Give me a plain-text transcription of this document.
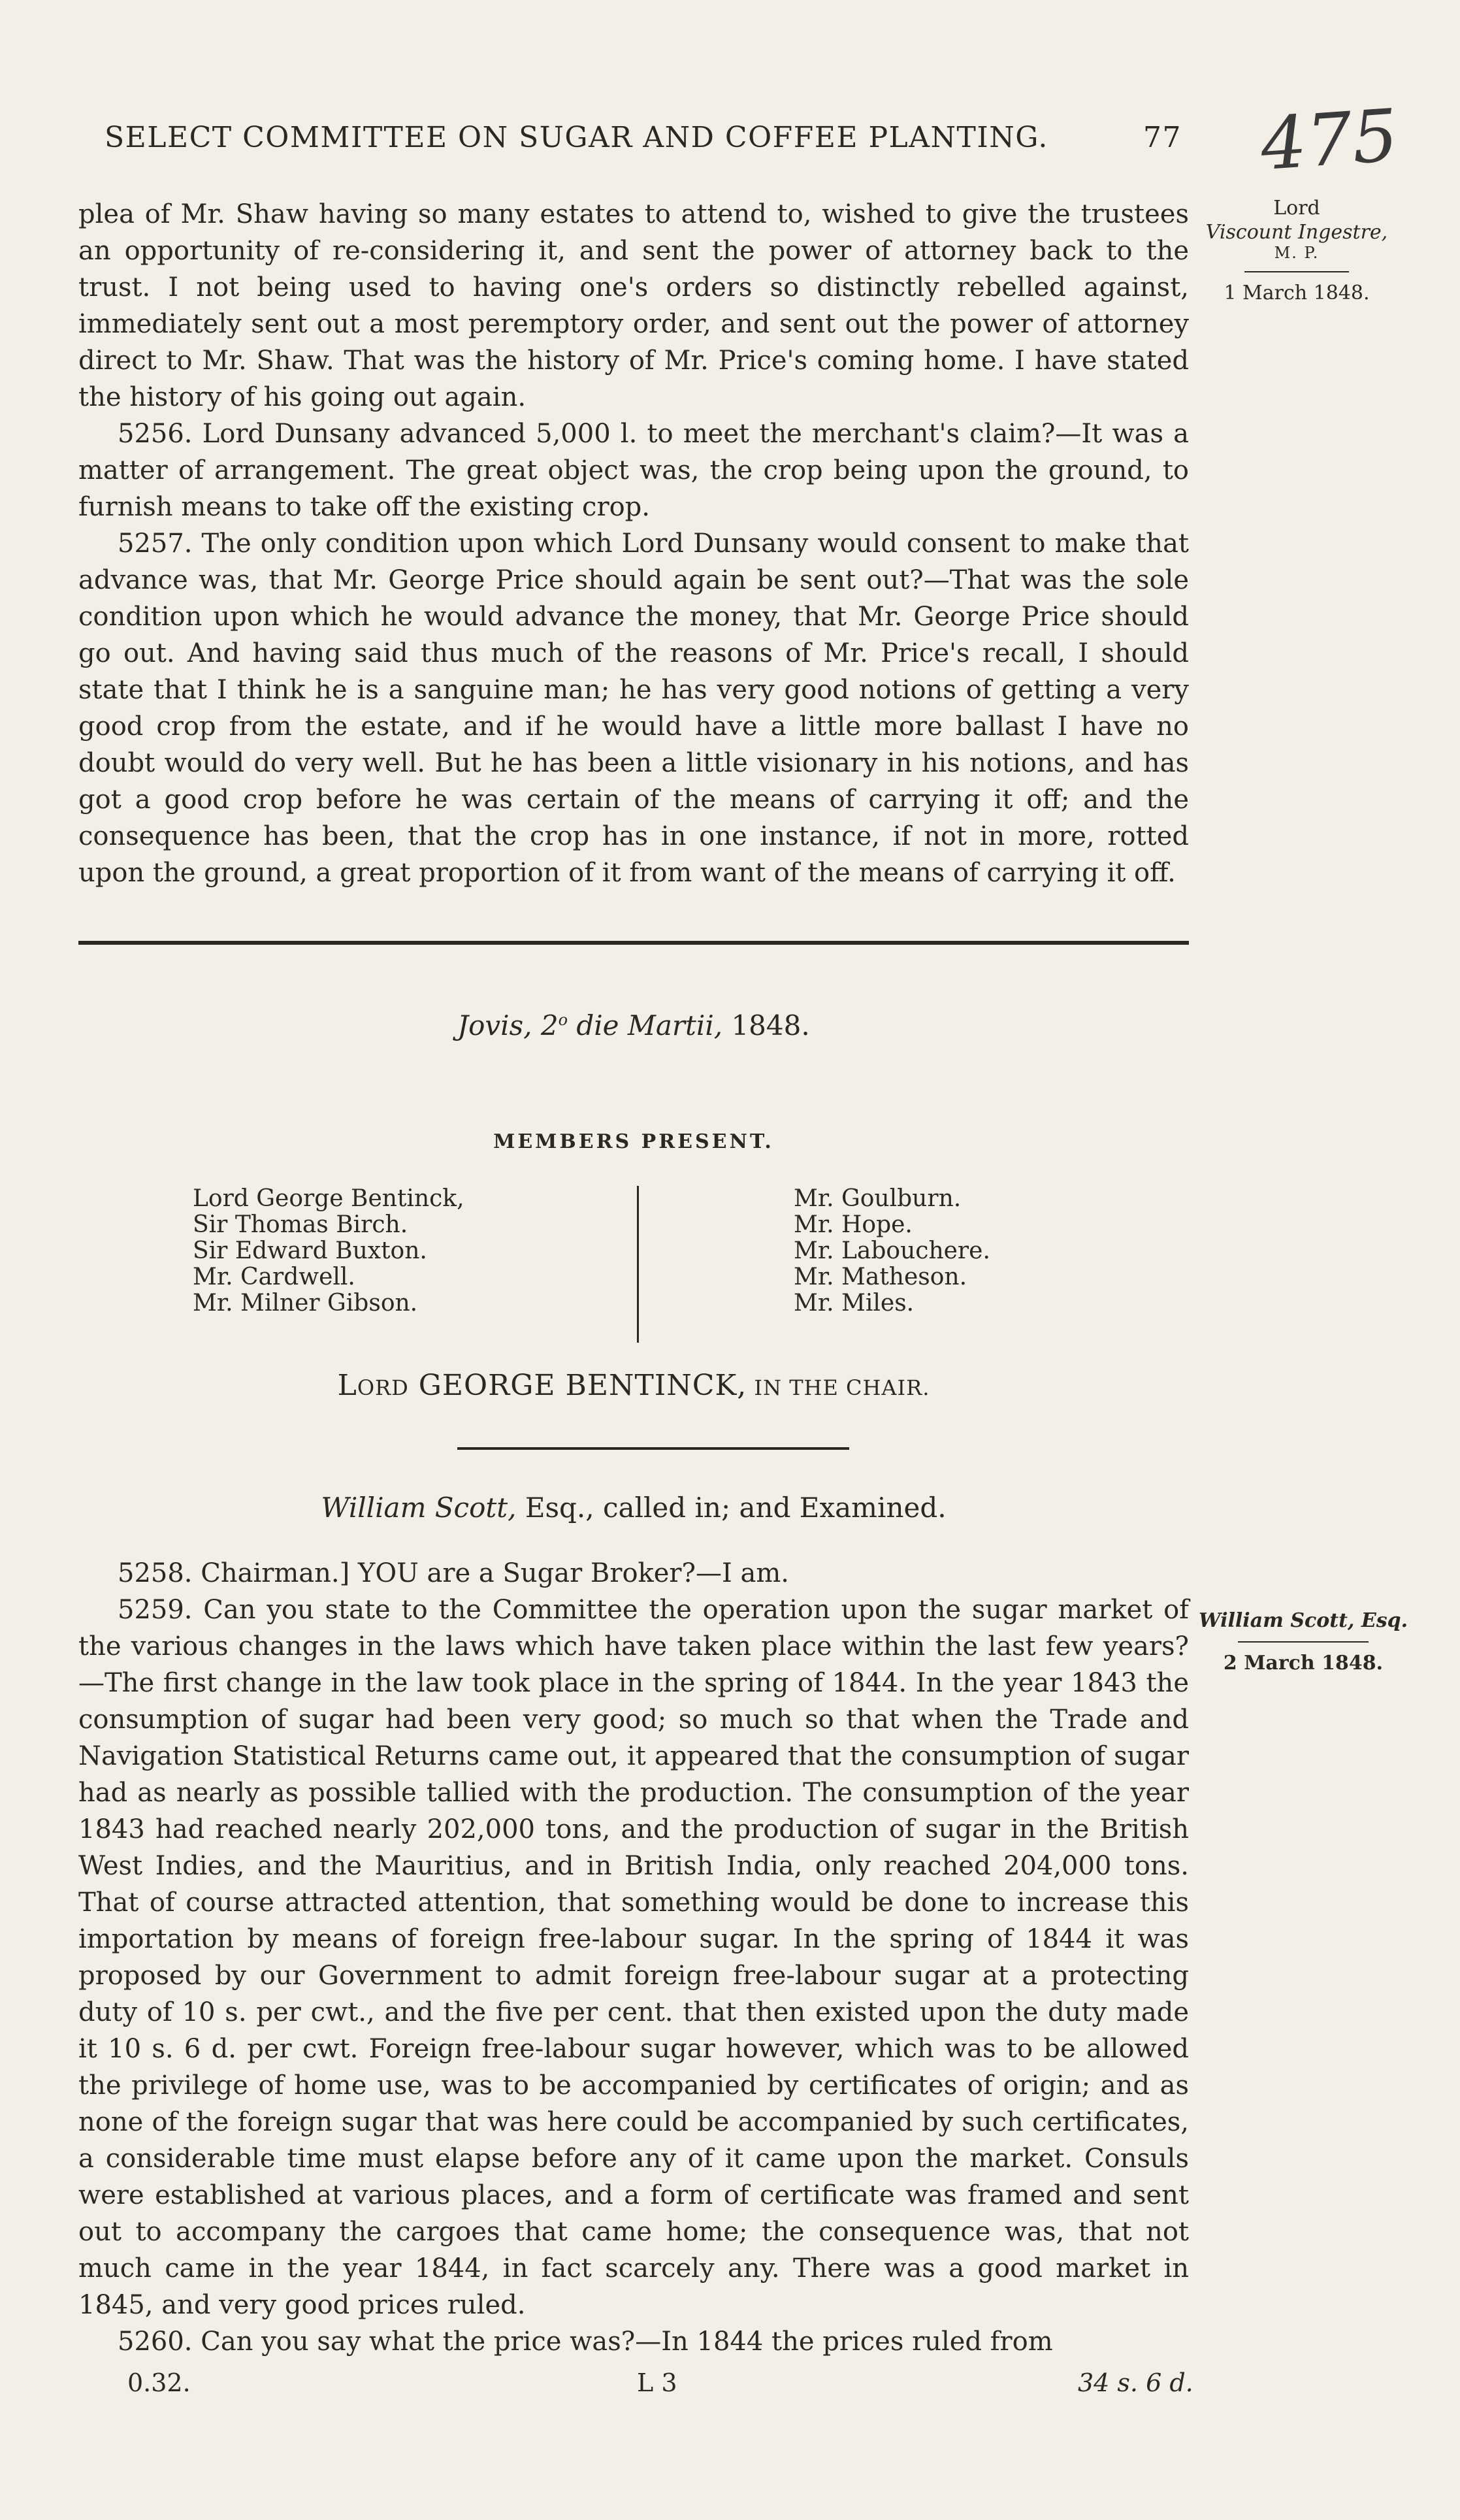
SELECT COMMITTEE ON SUGAR AND COFFEE PLANTING.	77 475
Lord
Viscount Ingestre,
M. P.
1 March 1848.

plea of Mr. Shaw having so many estates to attend to, wished to give the trustees an opportunity of re-considering it, and sent the power of attorney back to the trust. I not being used to having one's orders so distinctly rebelled against, immediately sent out a most peremptory order, and sent out the power of attorney direct to Mr. Shaw. That was the history of Mr. Price's coming home. I have stated the history of his going out again.

5256. Lord Dunsany advanced 5,000 l. to meet the merchant's claim?—It was a matter of arrangement. The great object was, the crop being upon the ground, to furnish means to take off the existing crop.

5257. The only condition upon which Lord Dunsany would consent to make that advance was, that Mr. George Price should again be sent out?—That was the sole condition upon which he would advance the money, that Mr. George Price should go out. And having said thus much of the reasons of Mr. Price's recall, I should state that I think he is a sanguine man; he has very good notions of getting a very good crop from the estate, and if he would have a little more ballast I have no doubt would do very well. But he has been a little visionary in his notions, and has got a good crop before he was certain of the means of carrying it off; and the consequence has been, that the crop has in one instance, if not in more, rotted upon the ground, a great proportion of it from want of the means of carrying it off.

Jovis, 2$^o$ die Martii, 1848.
MEMBERS PRESENT.
Lord George Bentinck,
Sir Thomas Birch.
Sir Edward Buxton.
Mr. Cardwell.
Mr. Milner Gibson.
Mr. Goulburn.
Mr. Hope.
Mr. Labouchere.
Mr. Matheson.
Mr. Miles.
LORD GEORGE BENTINCK, IN THE CHAIR.
William Scott, Esq., called in; and Examined.
William Scott, Esq.
2 March 1848.

5258. Chairman.] YOU are a Sugar Broker?—I am.

5259. Can you state to the Committee the operation upon the sugar market of the various changes in the laws which have taken place within the last few years?—The first change in the law took place in the spring of 1844. In the year 1843 the consumption of sugar had been very good; so much so that when the Trade and Navigation Statistical Returns came out, it appeared that the consumption of sugar had as nearly as possible tallied with the production. The consumption of the year 1843 had reached nearly 202,000 tons, and the production of sugar in the British West Indies, and the Mauritius, and in British India, only reached 204,000 tons. That of course attracted attention, that something would be done to increase this importation by means of foreign free-labour sugar. In the spring of 1844 it was proposed by our Government to admit foreign free-labour sugar at a protecting duty of 10 s. per cwt., and the five per cent. that then existed upon the duty made it 10 s. 6 d. per cwt. Foreign free-labour sugar however, which was to be allowed the privilege of home use, was to be accompanied by certificates of origin; and as none of the foreign sugar that was here could be accompanied by such certificates, a considerable time must elapse before any of it came upon the market. Consuls were established at various places, and a form of certificate was framed and sent out to accompany the cargoes that came home; the consequence was, that not much came in the year 1844, in fact scarcely any. There was a good market in 1845, and very good prices ruled.

5260. Can you say what the price was?—In 1844 the prices ruled from

0.32.	L 3	34 s. 6 d.
